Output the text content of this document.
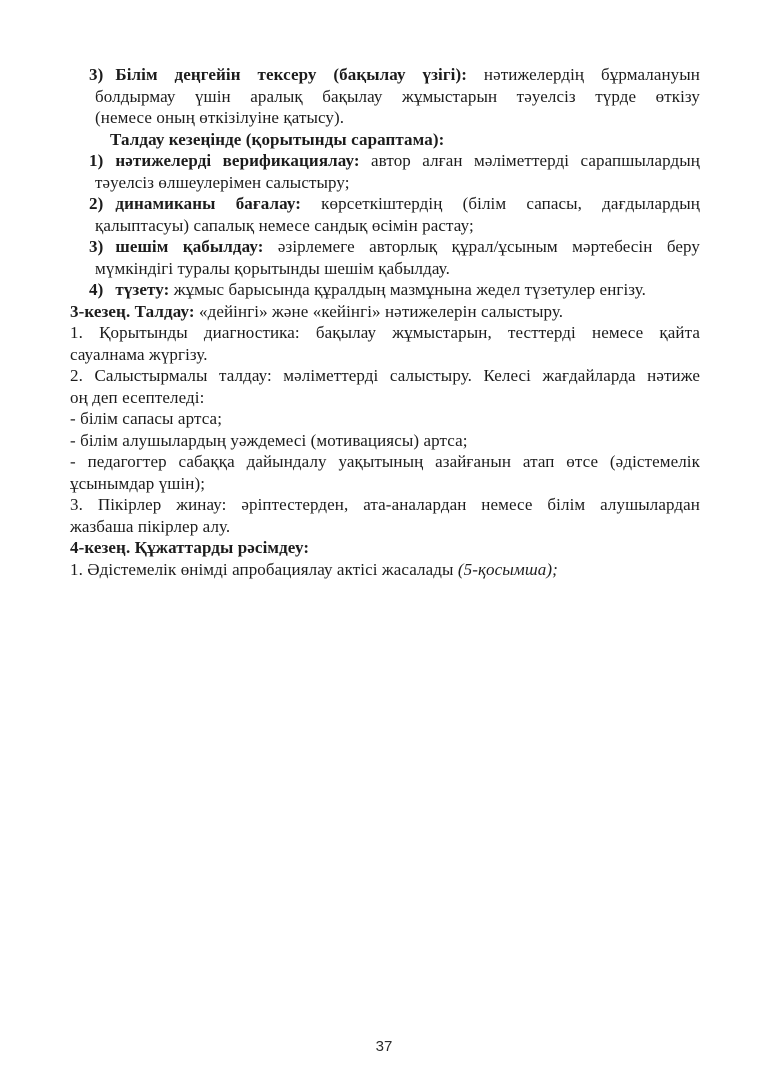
3) Білім деңгейін тексеру (бақылау үзігі): нәтижелердің бұрмалануын
болдырмау үшін аралық бақылау жұмыстарын тәуелсіз түрде өткізу
(немесе оның өткізілуіне қатысу).
Талдау кезеңінде (қорытынды сараптама):
1) нәтижелерді верификациялау: автор алған мәліметтерді сарапшылардың
тәуелсіз өлшеулерімен салыстыру;
2) динамиканы бағалау: көрсеткіштердің (білім сапасы, дағдылардың
қалыптасуы) сапалық немесе сандық өсімін растау;
3) шешім қабылдау: әзірлемеге авторлық құрал/ұсыным мәртебесін беру
мүмкіндігі туралы қорытынды шешім қабылдау.
4) түзету: жұмыс барысында құралдың мазмұнына жедел түзетулер енгізу.
3-кезең. Талдау: «дейінгі» және «кейінгі» нәтижелерін салыстыру.
1. Қорытынды диагностика: бақылау жұмыстарын, тесттерді немесе қайта
сауалнама жүргізу.
2. Салыстырмалы талдау: мәліметтерді салыстыру. Келесі жағдайларда нәтиже
оң деп есептеледі:
- білім сапасы артса;
- білім алушылардың уәждемесі (мотивациясы) артса;
- педагогтер сабаққа дайындалу уақытының азайғанын атап өтсе (әдістемелік
ұсынымдар үшін);
3. Пікірлер жинау: әріптестерден, ата-аналардан немесе білім алушылардан
жазбаша пікірлер алу.
4-кезең. Құжаттарды рәсімдеу:
1. Әдістемелік өнімді апробациялау актісі жасалады (5-қосымша);
37
